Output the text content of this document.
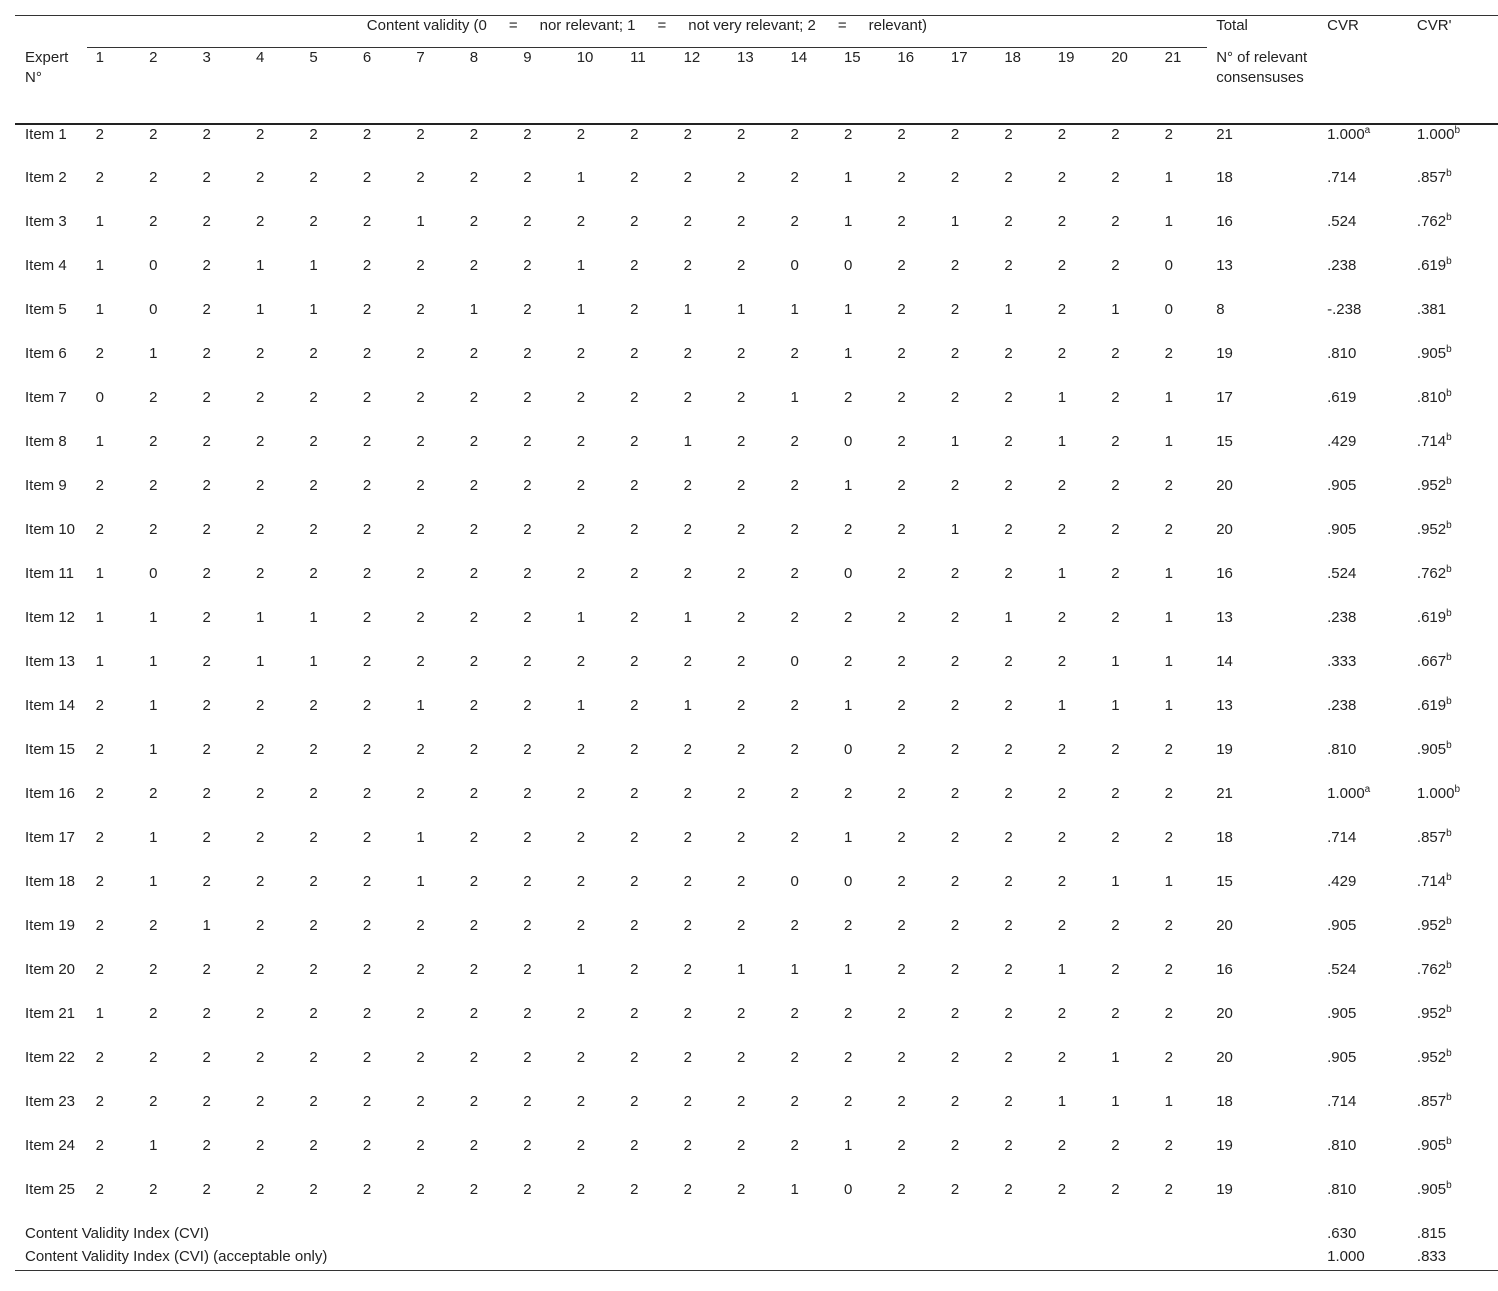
	Content validity (0 = nor relevant; 1 = not very relevant; 2 = relevant)																					Total	CVR	CVR'
Expert N°	1	2	3	4	5	6	7	8	9	10	11	12	13	14	15	16	17	18	19	20	21	N° of relevant consensuses		

Item 1	2	2	2	2	2	2	2	2	2	2	2	2	2	2	2	2	2	2	2	2	2	21	1.000$^a$	1.000$^b$

Item 2	2	2	2	2	2	2	2	2	2	1	2	2	2	2	1	2	2	2	2	2	1	18	.714	.857$^b$

Item 3	1	2	2	2	2	2	1	2	2	2	2	2	2	2	1	2	1	2	2	2	1	16	.524	.762$^b$

Item 4	1	0	2	1	1	2	2	2	2	1	2	2	2	0	0	2	2	2	2	2	0	13	.238	.619$^b$

Item 5	1	0	2	1	1	2	2	1	2	1	2	1	1	1	1	2	2	1	2	1	0	8	-.238	.381

Item 6	2	1	2	2	2	2	2	2	2	2	2	2	2	2	1	2	2	2	2	2	2	19	.810	.905$^b$

Item 7	0	2	2	2	2	2	2	2	2	2	2	2	2	1	2	2	2	2	1	2	1	17	.619	.810$^b$

Item 8	1	2	2	2	2	2	2	2	2	2	2	1	2	2	0	2	1	2	1	2	1	15	.429	.714$^b$

Item 9	2	2	2	2	2	2	2	2	2	2	2	2	2	2	1	2	2	2	2	2	2	20	.905	.952$^b$

Item 10	2	2	2	2	2	2	2	2	2	2	2	2	2	2	2	2	1	2	2	2	2	20	.905	.952$^b$

Item 11	1	0	2	2	2	2	2	2	2	2	2	2	2	2	0	2	2	2	1	2	1	16	.524	.762$^b$

Item 12	1	1	2	1	1	2	2	2	2	1	2	1	2	2	2	2	2	1	2	2	1	13	.238	.619$^b$

Item 13	1	1	2	1	1	2	2	2	2	2	2	2	2	0	2	2	2	2	2	1	1	14	.333	.667$^b$

Item 14	2	1	2	2	2	2	1	2	2	1	2	1	2	2	1	2	2	2	1	1	1	13	.238	.619$^b$

Item 15	2	1	2	2	2	2	2	2	2	2	2	2	2	2	0	2	2	2	2	2	2	19	.810	.905$^b$

Item 16	2	2	2	2	2	2	2	2	2	2	2	2	2	2	2	2	2	2	2	2	2	21	1.000$^a$	1.000$^b$

Item 17	2	1	2	2	2	2	1	2	2	2	2	2	2	2	1	2	2	2	2	2	2	18	.714	.857$^b$

Item 18	2	1	2	2	2	2	1	2	2	2	2	2	2	0	0	2	2	2	2	1	1	15	.429	.714$^b$

Item 19	2	2	1	2	2	2	2	2	2	2	2	2	2	2	2	2	2	2	2	2	2	20	.905	.952$^b$

Item 20	2	2	2	2	2	2	2	2	2	1	2	2	1	1	1	2	2	2	1	2	2	16	.524	.762$^b$

Item 21	1	2	2	2	2	2	2	2	2	2	2	2	2	2	2	2	2	2	2	2	2	20	.905	.952$^b$

Item 22	2	2	2	2	2	2	2	2	2	2	2	2	2	2	2	2	2	2	2	1	2	20	.905	.952$^b$

Item 23	2	2	2	2	2	2	2	2	2	2	2	2	2	2	2	2	2	2	1	1	1	18	.714	.857$^b$

Item 24	2	1	2	2	2	2	2	2	2	2	2	2	2	2	1	2	2	2	2	2	2	19	.810	.905$^b$

Item 25	2	2	2	2	2	2	2	2	2	2	2	2	2	1	0	2	2	2	2	2	2	19	.810	.905$^b$
Content Validity Index (CVI)																							.630	.815
Content Validity Index (CVI) (acceptable only)																							1.000	.833
